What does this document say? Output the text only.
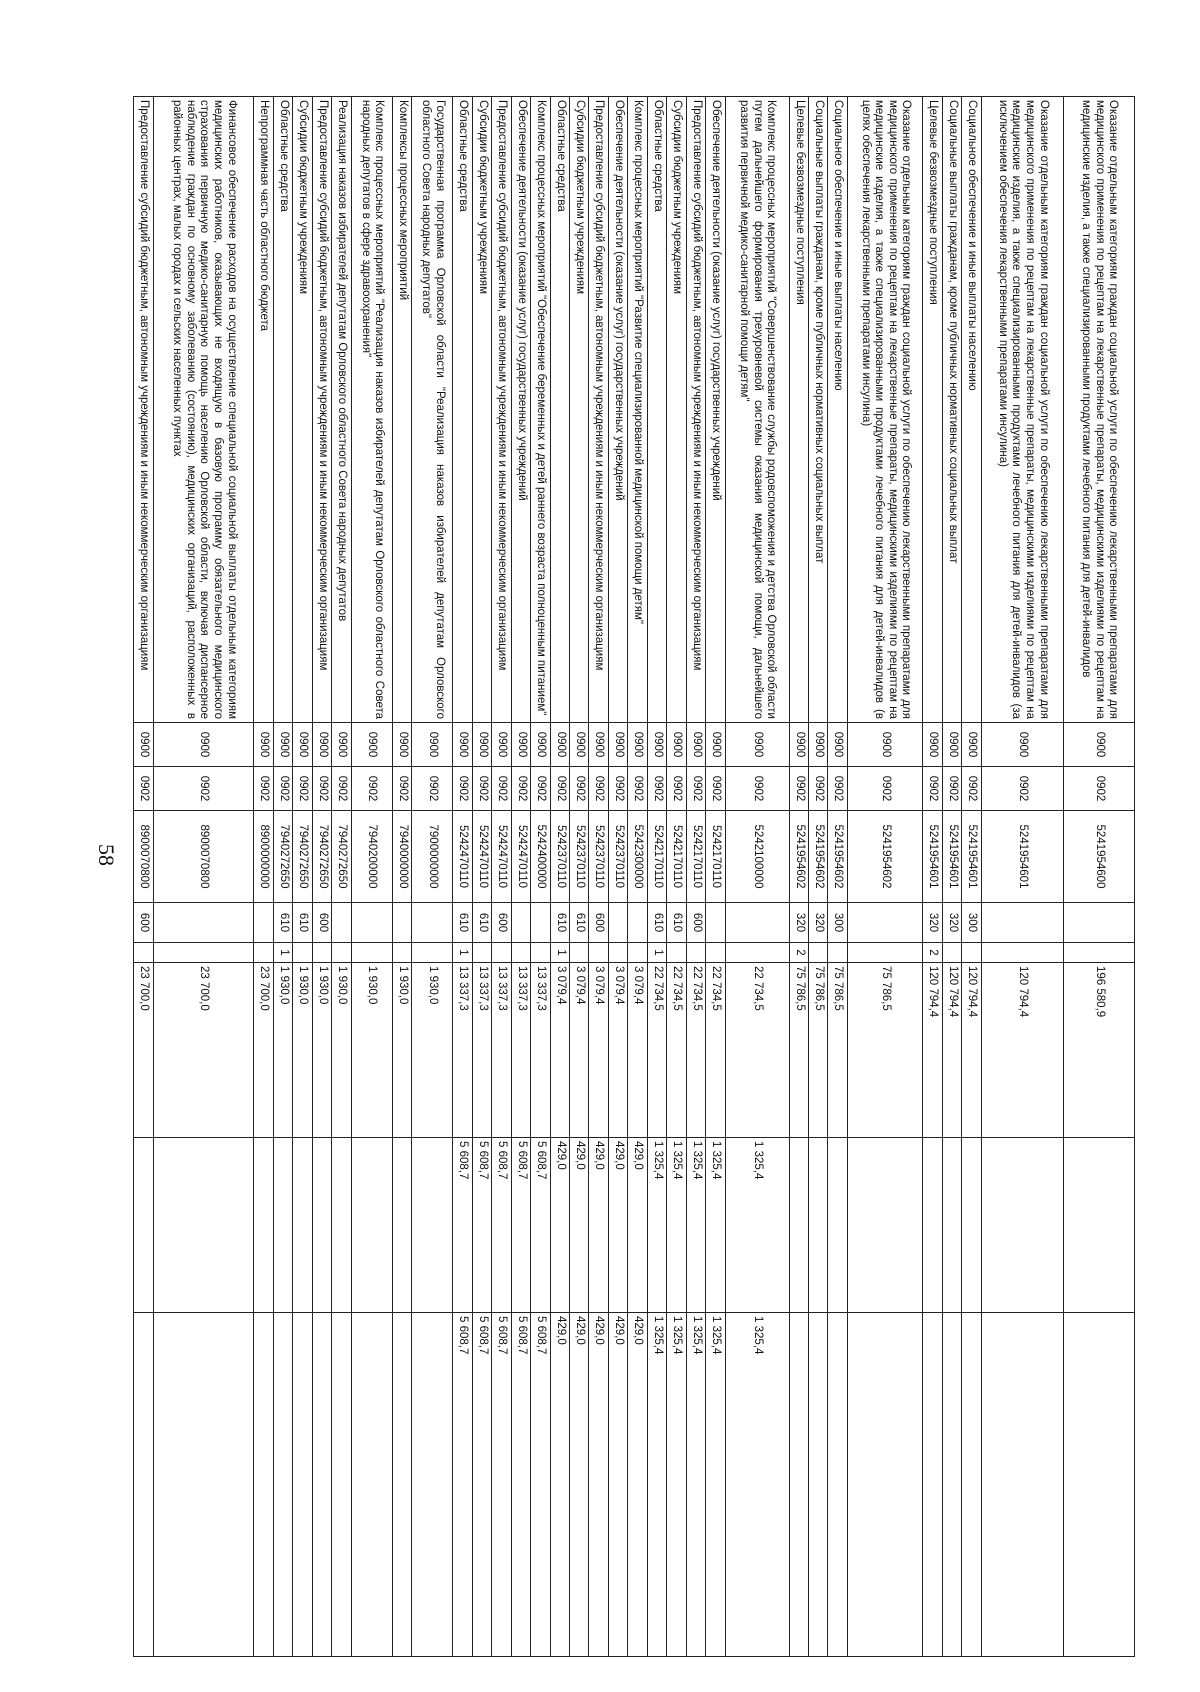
58
Оказание отдельным категориям граждан социальной услуги по обеспечению лекарственными препаратами для медицинского применения по рецептам на лекарственные препараты, медицинскими изделиями по рецептам на медицинские изделия, а также специализированными продуктами лечебного питания для детей-инвалидов	0900	0902	5241954600			196 580,9		
Оказание отдельным категориям граждан социальной услуги по обеспечению лекарственными препаратами для медицинского применения по рецептам на лекарственные препараты, медицинскими изделиями по рецептам на медицинские изделия, а также специализированными продуктами лечебного питания для детей-инвалидов (за исключением обеспечения лекарственными препаратами инсулина)	0900	0902	5241954601			120 794,4		
Социальное обеспечение и иные выплаты населению	0900	0902	5241954601	300		120 794,4		
Социальные выплаты гражданам, кроме публичных нормативных социальных выплат	0900	0902	5241954601	320		120 794,4		
Целевые безвозмездные поступления	0900	0902	5241954601	320	2	120 794,4		
Оказание отдельным категориям граждан социальной услуги по обеспечению лекарственными препаратами для медицинского применения по рецептам на лекарственные препараты, медицинскими изделиями по рецептам на медицинские изделия, а также специализированными продуктами лечебного питания для детей-инвалидов (в целях обеспечения лекарственными препаратами инсулина)	0900	0902	5241954602			75 786,5		
Социальное обеспечение и иные выплаты населению	0900	0902	5241954602	300		75 786,5		
Социальные выплаты гражданам, кроме публичных нормативных социальных выплат	0900	0902	5241954602	320		75 786,5		
Целевые безвозмездные поступления	0900	0902	5241954602	320	2	75 786,5		
Комплекс процессных мероприятий "Совершенствование службы родовспоможения и детства Орловской области путем дальнейшего формирования трехуровневой системы оказания медицинской помощи, дальнейшего развития первичной медико-санитарной помощи детям"	0900	0902	5242100000			22 734,5	1 325,4	1 325,4
Обеспечение деятельности (оказание услуг) государственных учреждений	0900	0902	5242170110			22 734,5	1 325,4	1 325,4
Предоставление субсидий бюджетным, автономным учреждениям и иным некоммерческим организациям	0900	0902	5242170110	600		22 734,5	1 325,4	1 325,4
Субсидии бюджетным учреждениям	0900	0902	5242170110	610		22 734,5	1 325,4	1 325,4
Областные средства	0900	0902	5242170110	610	1	22 734,5	1 325,4	1 325,4
Комплекс процессных мероприятий "Развитие специализированной медицинской помощи детям"	0900	0902	5242300000			3 079,4	429,0	429,0
Обеспечение деятельности (оказание услуг) государственных учреждений	0900	0902	5242370110			3 079,4	429,0	429,0
Предоставление субсидий бюджетным, автономным учреждениям и иным некоммерческим организациям	0900	0902	5242370110	600		3 079,4	429,0	429,0
Субсидии бюджетным учреждениям	0900	0902	5242370110	610		3 079,4	429,0	429,0
Областные средства	0900	0902	5242370110	610	1	3 079,4	429,0	429,0
Комплекс процессных мероприятий "Обеспечение беременных и детей раннего возраста полноценным питанием"	0900	0902	5242400000			13 337,3	5 608,7	5 608,7
Обеспечение деятельности (оказание услуг) государственных учреждений	0900	0902	5242470110			13 337,3	5 608,7	5 608,7
Предоставление субсидий бюджетным, автономным учреждениям и иным некоммерческим организациям	0900	0902	5242470110	600		13 337,3	5 608,7	5 608,7
Субсидии бюджетным учреждениям	0900	0902	5242470110	610		13 337,3	5 608,7	5 608,7
Областные средства	0900	0902	5242470110	610	1	13 337,3	5 608,7	5 608,7
Государственная программа Орловской области "Реализация наказов избирателей депутатам Орловского областного Совета народных депутатов"	0900	0902	7900000000			1 930,0		
Комплексы процессных мероприятий	0900	0902	7940000000			1 930,0		
Комплекс процессных мероприятий "Реализация наказов избирателей депутатам Орловского областного Совета народных депутатов в сфере здравоохранения"	0900	0902	7940200000			1 930,0		
Реализация наказов избирателей депутатам Орловского областного Совета народных депутатов	0900	0902	7940272650			1 930,0		
Предоставление субсидий бюджетным, автономным учреждениям и иным некоммерческим организациям	0900	0902	7940272650	600		1 930,0		
Субсидии бюджетным учреждениям	0900	0902	7940272650	610		1 930,0		
Областные средства	0900	0902	7940272650	610	1	1 930,0		
Непрограммная часть областного бюджета	0900	0902	8900000000			23 700,0		
Финансовое обеспечение расходов на осуществление специальной социальной выплаты отдельным категориям медицинских работников, оказывающих не входящую в базовую программу обязательного медицинского страхования первичную медико-санитарную помощь населению Орловской области, включая диспансерное наблюдение граждан по основному заболеванию (состоянию), медицинских организаций, расположенных в районных центрах, малых городах и сельских населенных пунктах	0900	0902	8900070800			23 700,0		
Предоставление субсидий бюджетным, автономным учреждениям и иным некоммерческим организациям	0900	0902	8900070800	600		23 700,0		
